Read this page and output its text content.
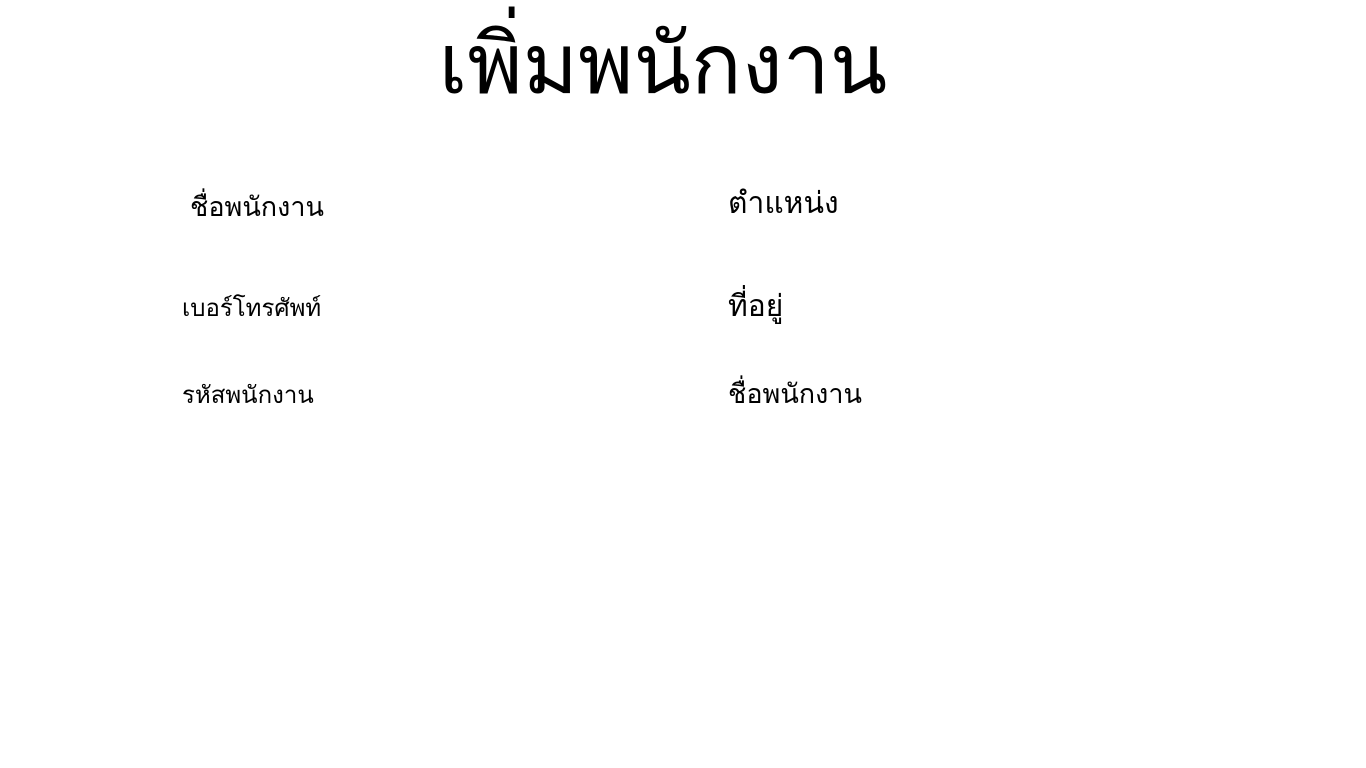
เพิ่มพนักงาน
ชื่อพนักงาน	ตำแหน่ง
เบอร์โทรศัพท์	ที่อยู่
รหัสพนักงาน	ชื่อพนักงาน
